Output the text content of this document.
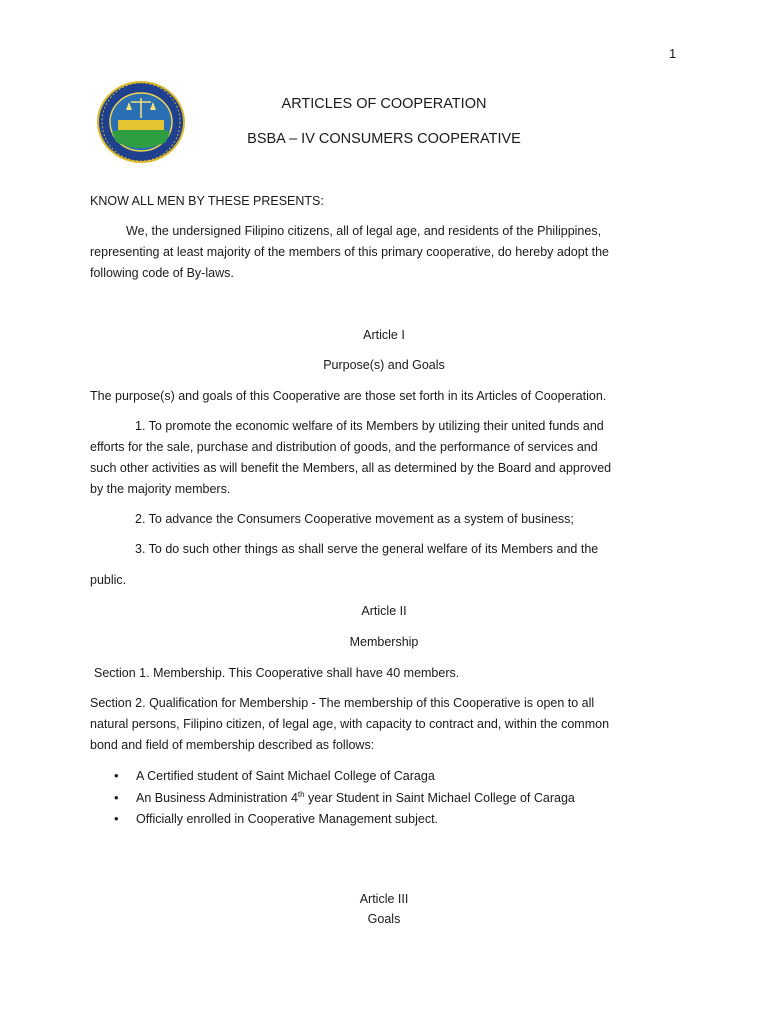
1
ARTICLES OF COOPERATION
BSBA – IV CONSUMERS COOPERATIVE
KNOW ALL MEN BY THESE PRESENTS:
We, the undersigned Filipino citizens, all of legal age, and residents of the Philippines,
representing at least majority of the members of this primary cooperative, do hereby adopt the
following code of By-laws.
Article I
Purpose(s) and Goals
The purpose(s) and goals of this Cooperative are those set forth in its Articles of Cooperation.
1. To promote the economic welfare of its Members by utilizing their united funds and
efforts for the sale, purchase and distribution of goods, and the performance of services and
such other activities as will benefit the Members, all as determined by the Board and approved
by the majority members.
2. To advance the Consumers Cooperative movement as a system of business;
3. To do such other things as shall serve the general welfare of its Members and the
public.
Article II
Membership
Section 1. Membership. This Cooperative shall have 40 members.
Section 2. Qualification for Membership - The membership of this Cooperative is open to all
natural persons, Filipino citizen, of legal age, with capacity to contract and, within the common
bond and field of membership described as follows:
• A Certified student of Saint Michael College of Caraga
• An Business Administration 4th year Student in Saint Michael College of Caraga
• Officially enrolled in Cooperative Management subject.
Article III
Goals
